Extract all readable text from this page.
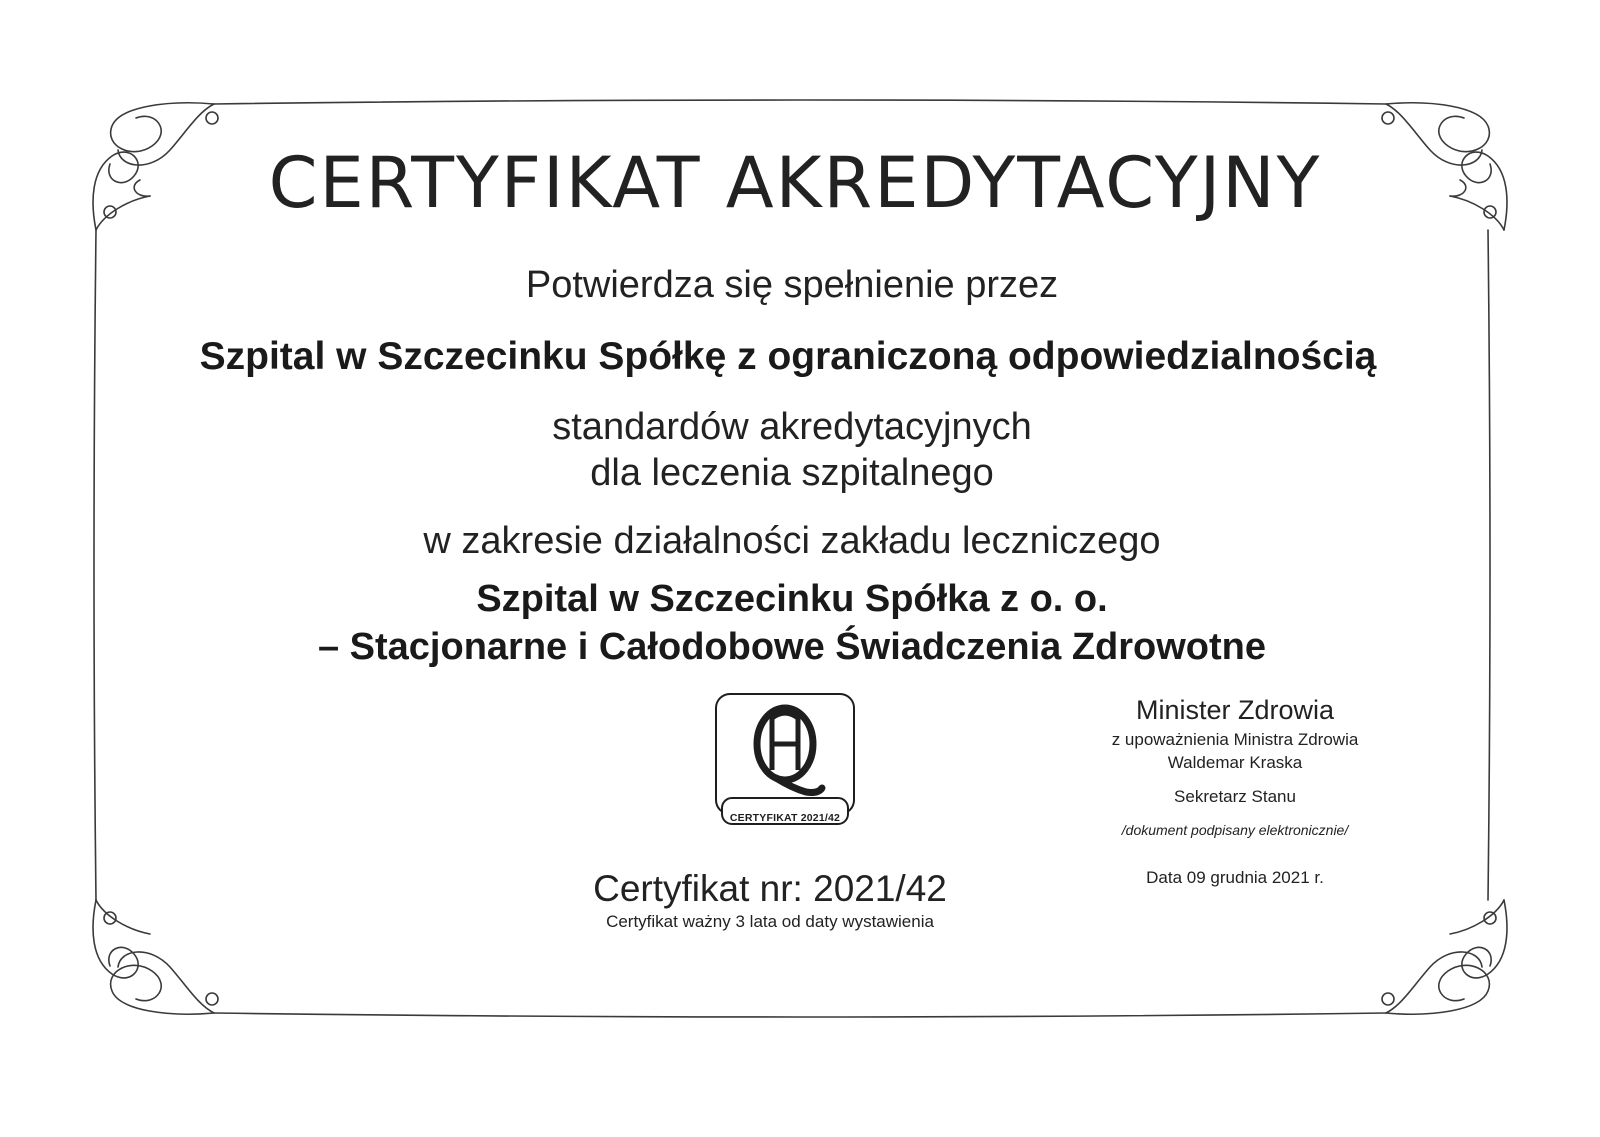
CERTYFIKAT AKREDYTACYJNY
Potwierdza się spełnienie przez
Szpital w Szczecinku Spółkę z ograniczoną odpowiedzialnością
standardów akredytacyjnych
dla leczenia szpitalnego
w zakresie działalności zakładu leczniczego
Szpital w Szczecinku Spółka z o. o.
– Stacjonarne i Całodobowe Świadczenia Zdrowotne
CERTYFIKAT 2021/42
Certyfikat nr: 2021/42
Certyfikat ważny 3 lata od daty wystawienia
Minister Zdrowia
z upoważnienia Ministra Zdrowia
Waldemar Kraska
Sekretarz Stanu
/dokument podpisany elektronicznie/
Data 09 grudnia 2021 r.
